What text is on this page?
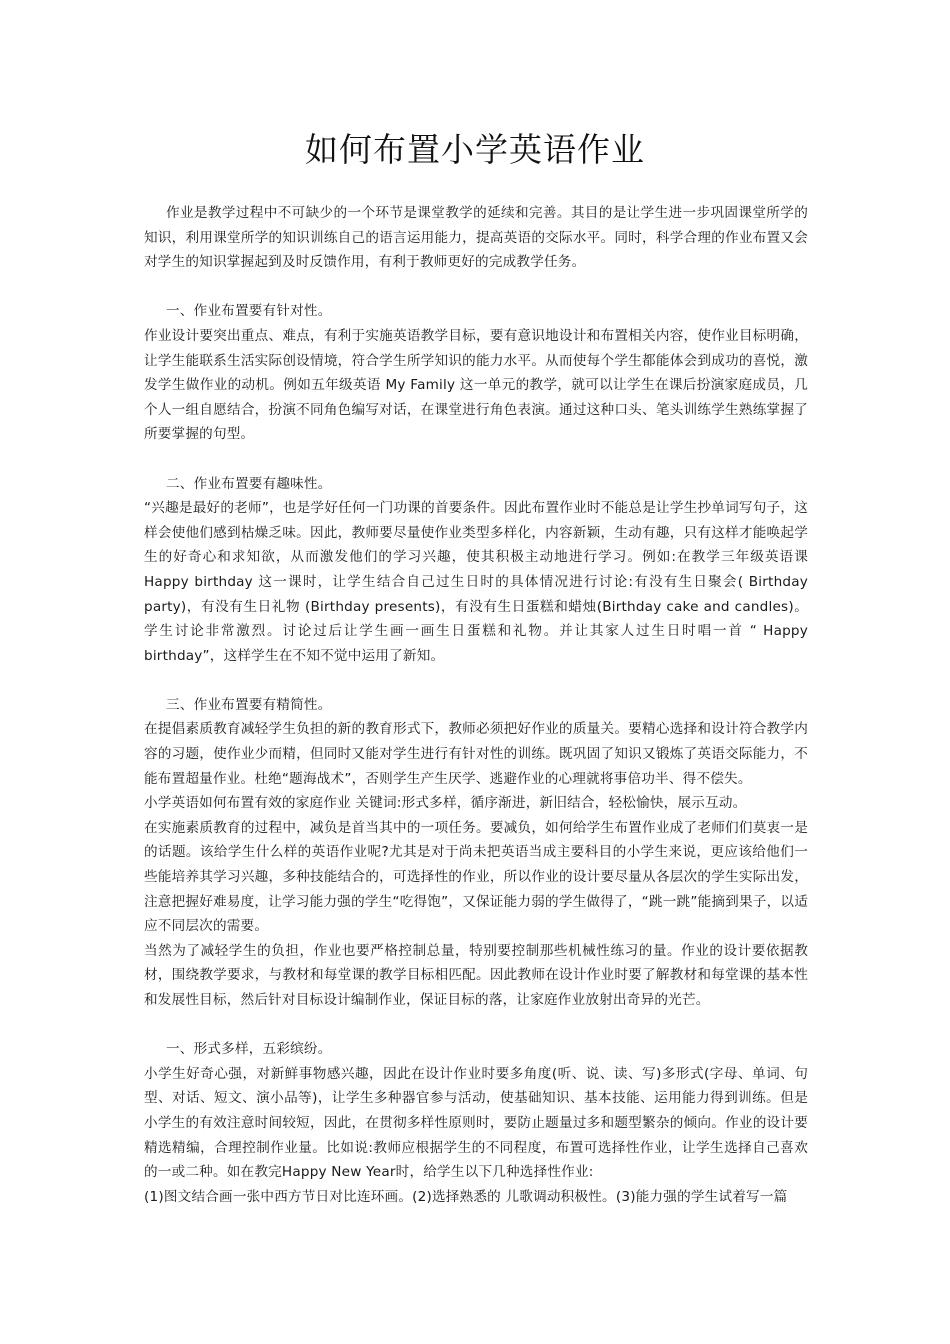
如何布置小学英语作业

作业是教学过程中不可缺少的一个环节是课堂教学的延续和完善。其目的是让学生进一步巩固课堂所学的知识，利用课堂所学的知识训练自己的语言运用能力，提高英语的交际水平。同时，科学合理的作业布置又会对学生的知识掌握起到及时反馈作用，有利于教师更好的完成教学任务。

一、作业布置要有针对性。

作业设计要突出重点、难点，有利于实施英语教学目标，要有意识地设计和布置相关内容，使作业目标明确，让学生能联系生活实际创设情境，符合学生所学知识的能力水平。从而使每个学生都能体会到成功的喜悦，激发学生做作业的动机。例如五年级英语 My Family 这一单元的教学，就可以让学生在课后扮演家庭成员，几个人一组自愿结合，扮演不同角色编写对话，在课堂进行角色表演。通过这种口头、笔头训练学生熟练掌握了所要掌握的句型。

二、作业布置要有趣味性。

“兴趣是最好的老师”，也是学好任何一门功课的首要条件。因此布置作业时不能总是让学生抄单词写句子，这样会使他们感到枯燥乏味。因此，教师要尽量使作业类型多样化，内容新颖，生动有趣，只有这样才能唤起学生的好奇心和求知欲，从而激发他们的学习兴趣，使其积极主动地进行学习。例如:在教学三年级英语课 Happy birthday 这一课时，让学生结合自己过生日时的具体情况进行讨论:有没有生日聚会( Birthday party)，有没有生日礼物 (Birthday presents)，有没有生日蛋糕和蜡烛(Birthday cake and candles)。学生讨论非常激烈。讨论过后让学生画一画生日蛋糕和礼物。并让其家人过生日时唱一首 “ Happy birthday”，这样学生在不知不觉中运用了新知。

三、作业布置要有精简性。

在提倡素质教育减轻学生负担的新的教育形式下，教师必须把好作业的质量关。要精心选择和设计符合教学内容的习题，使作业少而精，但同时又能对学生进行有针对性的训练。既巩固了知识又锻炼了英语交际能力，不能布置超量作业。杜绝“题海战术”，否则学生产生厌学、逃避作业的心理就将事倍功半、得不偿失。

小学英语如何布置有效的家庭作业 关键词:形式多样，循序渐进，新旧结合，轻松愉快，展示互动。

在实施素质教育的过程中，减负是首当其中的一项任务。要减负，如何给学生布置作业成了老师们们莫衷一是的话题。该给学生什么样的英语作业呢?尤其是对于尚未把英语当成主要科目的小学生来说，更应该给他们一些能培养其学习兴趣，多种技能结合的，可选择性的作业，所以作业的设计要尽量从各层次的学生实际出发，注意把握好难易度，让学习能力强的学生“吃得饱”，又保证能力弱的学生做得了，“跳一跳”能摘到果子，以适应不同层次的需要。

当然为了减轻学生的负担，作业也要严格控制总量，特别要控制那些机械性练习的量。作业的设计要依据教材，围绕教学要求，与教材和每堂课的教学目标相匹配。因此教师在设计作业时要了解教材和每堂课的基本性和发展性目标，然后针对目标设计编制作业，保证目标的落，让家庭作业放射出奇异的光芒。

一、形式多样，五彩缤纷。

小学生好奇心强，对新鲜事物感兴趣，因此在设计作业时要多角度(听、说、读、写)多形式(字母、单词、句型、对话、短文、演小品等)，让学生多种器官参与活动，使基础知识、基本技能、运用能力得到训练。但是小学生的有效注意时间较短，因此，在贯彻多样性原则时，要防止题量过多和题型繁杂的倾向。作业的设计要精选精编，合理控制作业量。比如说:教师应根据学生的不同程度，布置可选择性作业，让学生选择自己喜欢的一或二种。如在教完Happy New Year时，给学生以下几种选择性作业:

(1)图文结合画一张中西方节日对比连环画。(2)选择熟悉的 儿歌调动积极性。(3)能力强的学生试着写一篇
